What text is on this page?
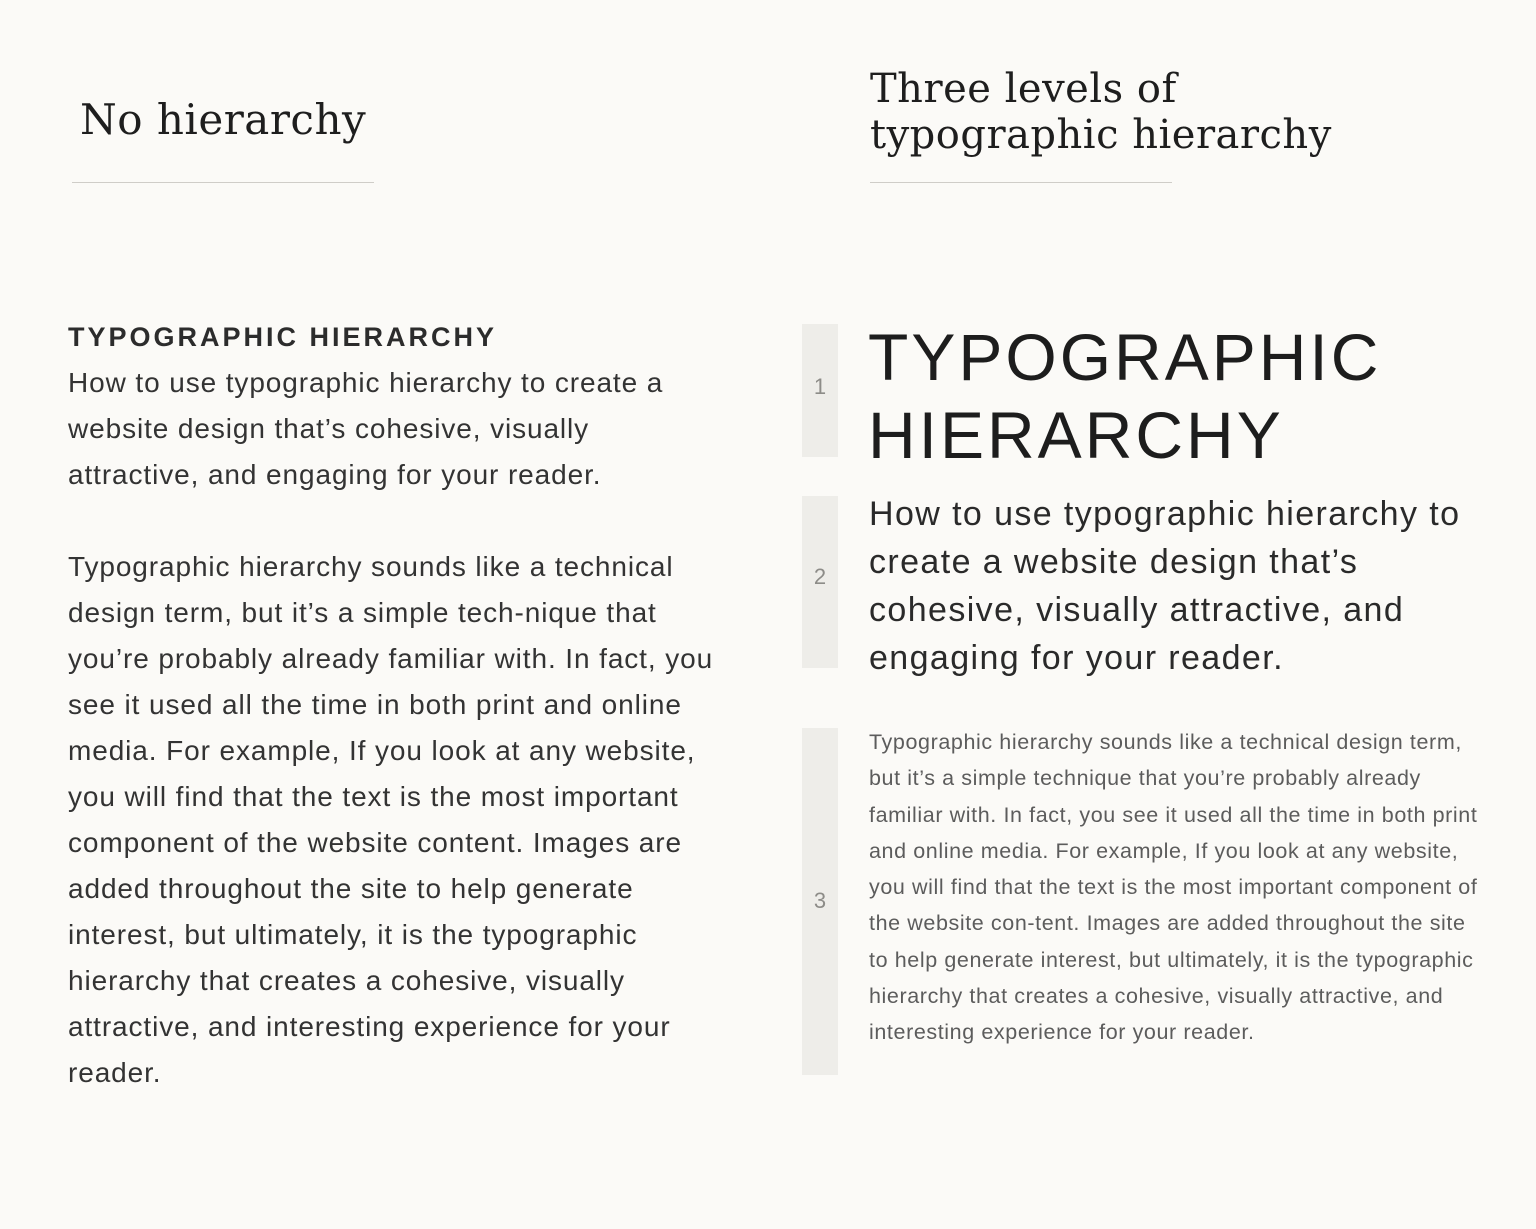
No hierarchy
TYPOGRAPHIC HIERARCHY

How to use typographic hierarchy to create a website design that’s cohesive, visually attractive, and engaging for your reader.

Typographic hierarchy sounds like a technical design term, but it’s a simple tech-nique that you’re probably already familiar with. In fact, you see it used all the time in both print and online media. For example, If you look at any website, you will find that the text is the most important component of the website content. Images are added throughout the site to help generate interest, but ultimately, it is the typographic hierarchy that creates a cohesive, visually attractive, and interesting experience for your reader.

Three levels of typographic hierarchy
1
2
3
TYPOGRAPHIC HIERARCHY

How to use typographic hierarchy to create a website design that’s cohesive, visually attractive, and engaging for your reader.

Typographic hierarchy sounds like a technical design term, but it’s a simple technique that you’re probably already familiar with. In fact, you see it used all the time in both print and online media. For example, If you look at any website, you will find that the text is the most important component of the website con-tent. Images are added throughout the site to help generate interest, but ultimately, it is the typographic hierarchy that creates a cohesive, visually attractive, and interesting experience for your reader.
